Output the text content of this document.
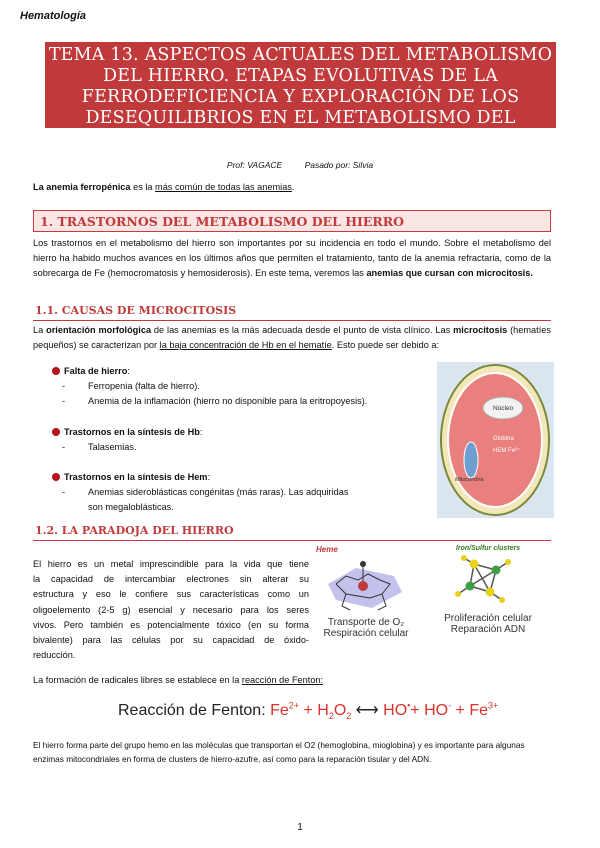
Hematología
TEMA 13. ASPECTOS ACTUALES DEL METABOLISMO
DEL HIERRO. ETAPAS EVOLUTIVAS DE LA
FERRODEFICIENCIA Y EXPLORACIÓN DE LOS
DESEQUILIBRIOS EN EL METABOLISMO DEL
Prof: VAGACE	Pasado por: Silvia
La anemia ferropénica es la más común de todas las anemias.
1. TRASTORNOS DEL METABOLISMO DEL HIERRO
Los trastornos en el metabolismo del hierro son importantes por su incidencia en todo el mundo. Sobre el metabolismo del hierro ha habido muchos avances en los últimos años que permiten el tratamiento, tanto de la anemia refractaria, como de la sobrecarga de Fe (hemocromatosis y hemosiderosis). En este tema, veremos las anemias que cursan con microcitosis.
1.1. CAUSAS DE MICROCITOSIS
La orientación morfológica de las anemias es la más adecuada desde el punto de vista clínico. Las microcitosis (hematíes pequeños) se caracterizan por la baja concentración de Hb en el hematíe. Esto puede ser debido a:
Falta de hierro:
- Ferropenia (falta de hierro).
- Anemia de la inflamación (hierro no disponible para la eritropoyesis).
Trastornos en la síntesis de Hb:
- Talasemias.
Trastornos en la síntesis de Hem:
- Anemias sideroblásticas congénitas (más raras). Las adquiridas
son megaloblásticas.
Núcleo
Globina
HEM Fe²⁺
Mitocondria
1.2. LA PARADOJA DEL HIERRO
El hierro es un metal imprescindible para la vida que tiene
la capacidad de intercambiar electrones sin alterar su
estructura y eso le confiere sus características como un
oligoelemento (2-5 g) esencial y necesario para los seres
vivos. Pero también es potencialmente tóxico (en su forma
bivalente) para las células por su capacidad de óxido-
reducción.
Heme
Transporte de O₂
Respiración celular
Iron/Sulfur clusters
Proliferación celular
Reparación ADN
La formación de radicales libres se establece en la reacción de Fenton:
Reacción de Fenton: $Fe^{2+} + H_2O_2$ ⟷ $HO^•+ HO^- + Fe^{3+}$
El hierro forma parte del grupo hemo en las moléculas que transportan el O2 (hemoglobina, mioglobina) y es importante para algunas enzimas mitocondriales en forma de clusters de hierro-azufre, así como para la reparación tisular y del ADN.
1
